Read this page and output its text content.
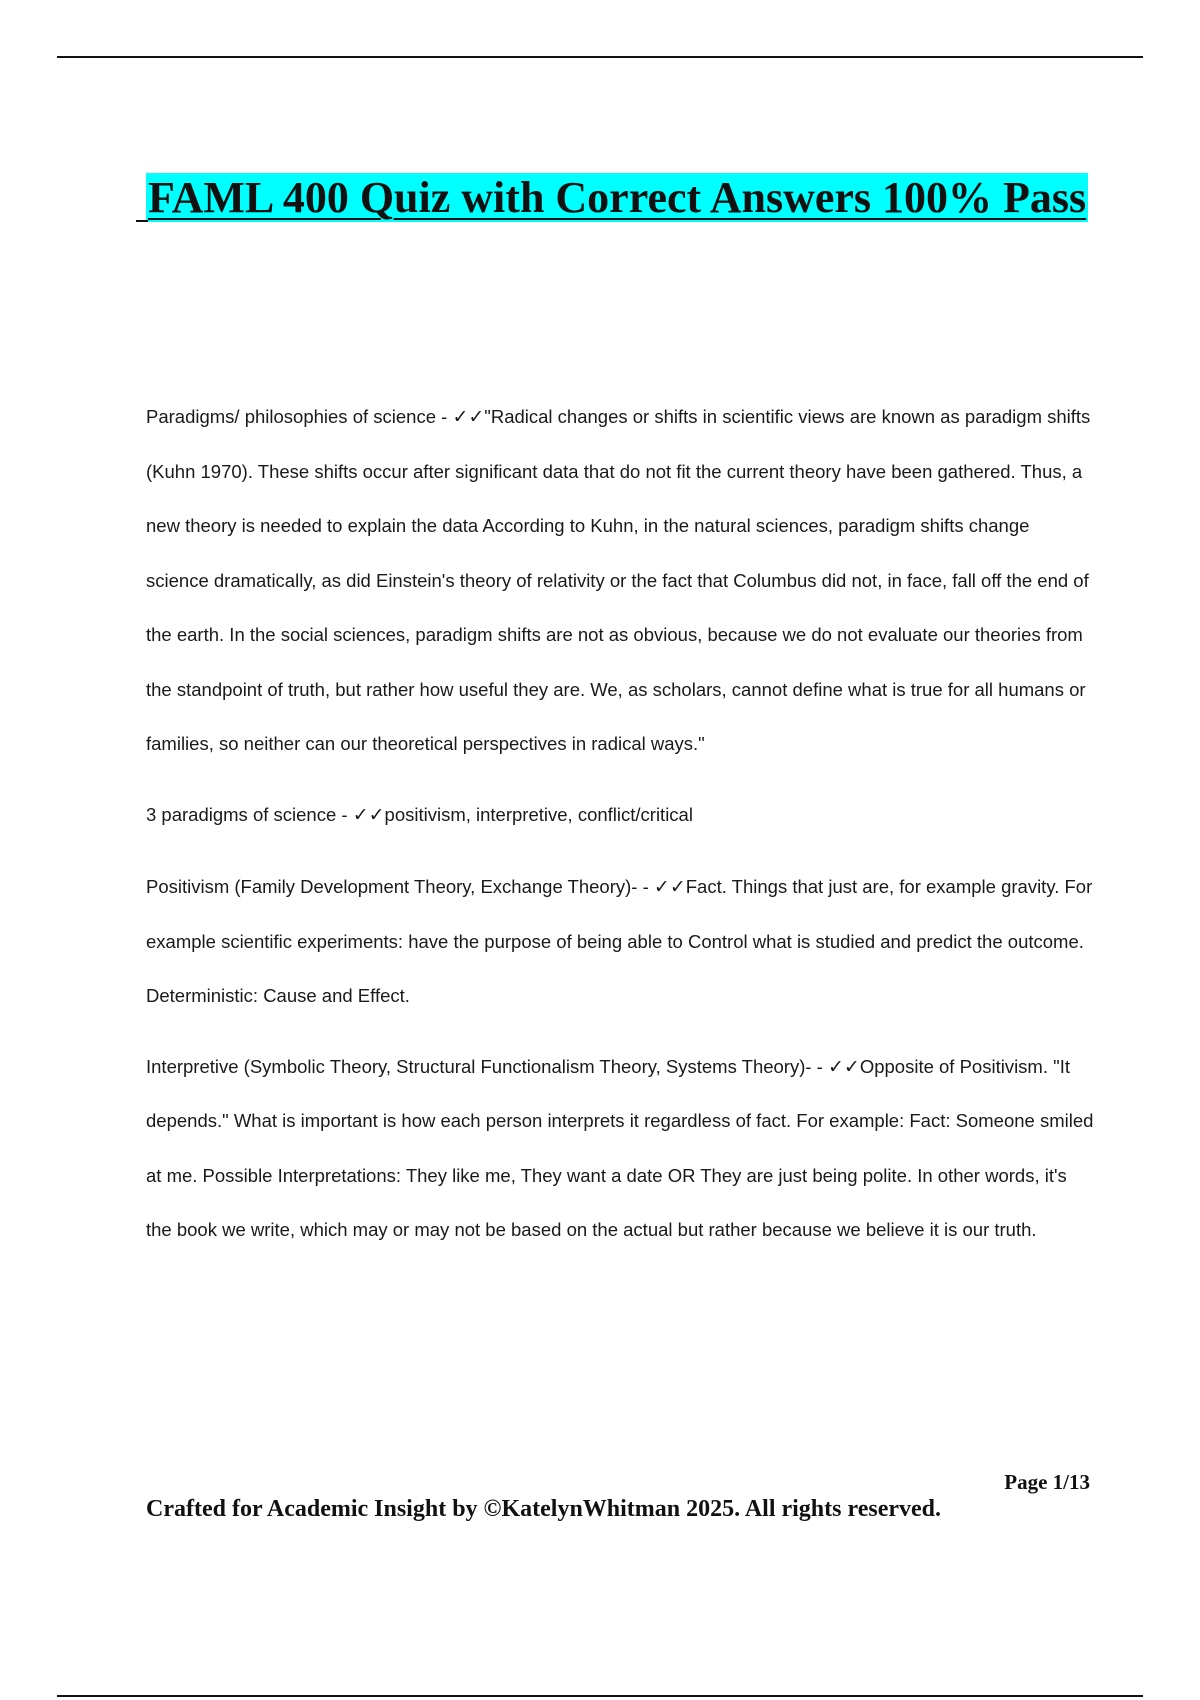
FAML 400 Quiz with Correct Answers 100% Pass

Paradigms/ philosophies of science - ✓✓"Radical changes or shifts in scientific views are known as paradigm shifts (Kuhn 1970). These shifts occur after significant data that do not fit the current theory have been gathered. Thus, a new theory is needed to explain the data According to Kuhn, in the natural sciences, paradigm shifts change science dramatically, as did Einstein's theory of relativity or the fact that Columbus did not, in face, fall off the end of the earth. In the social sciences, paradigm shifts are not as obvious, because we do not evaluate our theories from the standpoint of truth, but rather how useful they are. We, as scholars, cannot define what is true for all humans or families, so neither can our theoretical perspectives in radical ways."

3 paradigms of science - ✓✓positivism, interpretive, conflict/critical

Positivism (Family Development Theory, Exchange Theory)- - ✓✓Fact. Things that just are, for example gravity. For example scientific experiments: have the purpose of being able to Control what is studied and predict the outcome. Deterministic: Cause and Effect.

Interpretive (Symbolic Theory, Structural Functionalism Theory, Systems Theory)- - ✓✓Opposite of Positivism. "It depends." What is important is how each person interprets it regardless of fact. For example: Fact: Someone smiled at me. Possible Interpretations: They like me, They want a date OR They are just being polite. In other words, it's the book we write, which may or may not be based on the actual but rather because we believe it is our truth.

Page 1/13

Crafted for Academic Insight by ©KatelynWhitman 2025. All rights reserved.
